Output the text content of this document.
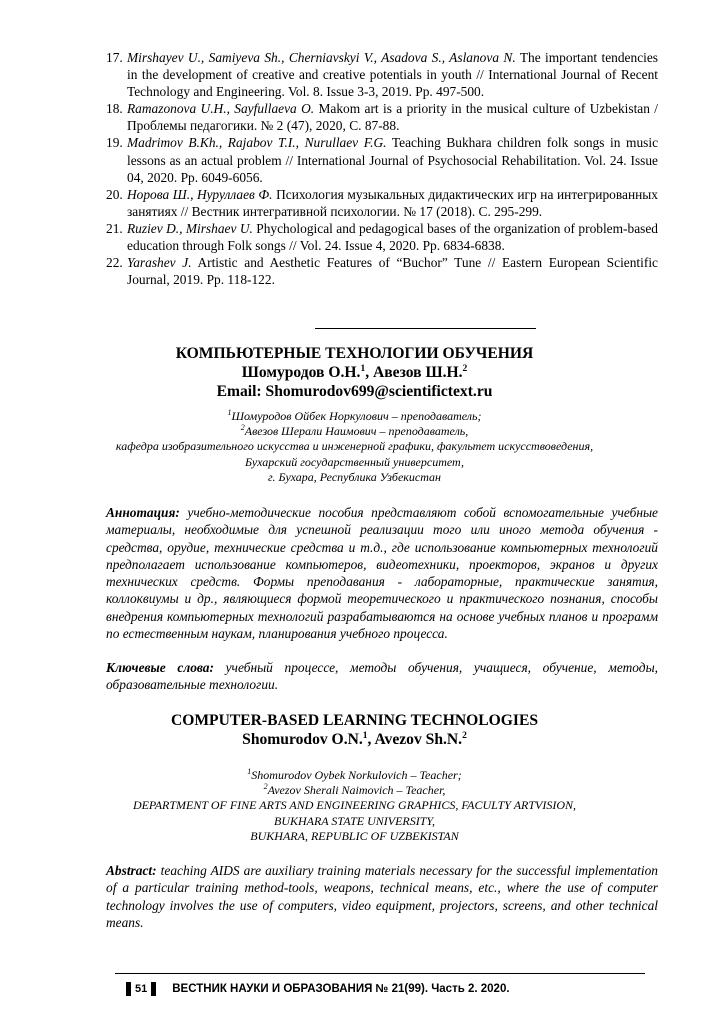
17. Mirshayev U., Samiyeva Sh., Cherniavskyi V., Asadova S., Aslanova N. The important tendencies in the development of creative and creative potentials in youth // International Journal of Recent Technology and Engineering. Vol. 8. Issue 3-3, 2019. Pp. 497-500.
18. Ramazonova U.H., Sayfullaeva O. Makom art is a priority in the musical culture of Uzbekistan / Проблемы педагогики. № 2 (47), 2020, С. 87-88.
19. Madrimov B.Kh., Rajabov T.I., Nurullaev F.G. Teaching Bukhara children folk songs in music lessons as an actual problem // International Journal of Psychosocial Rehabilitation. Vol. 24. Issue 04, 2020. Pp. 6049-6056.
20. Норова Ш., Нуруллаев Ф. Психология музыкальных дидактических игр на интегрированных занятиях // Вестник интегративной психологии. № 17 (2018). С. 295-299.
21. Ruziev D., Mirshaev U. Phychological and pedagogical bases of the organization of problem-based education through Folk songs // Vol. 24. Issue 4, 2020. Pp. 6834-6838.
22. Yarashev J. Artistic and Aesthetic Features of “Buchor” Tune // Eastern European Scientific Journal, 2019. Pp. 118-122.
КОМПЬЮТЕРНЫЕ ТЕХНОЛОГИИ ОБУЧЕНИЯ
Шомуродов О.Н.$^1$, Авезов Ш.Н.$^2$
Email: Shomurodov699@scientifictext.ru
$^1$Шомуродов Ойбек Норкулович – преподаватель;
$^2$Авезов Шерали Наимович – преподаватель,
кафедра изобразительного искусства и инженерной графики, факультет искусствоведения,
Бухарский государственный университет,
г. Бухара, Республика Узбекистан
Аннотация: учебно-методические пособия представляют собой вспомогательные учебные материалы, необходимые для успешной реализации того или иного метода обучения - средства, орудие, технические средства и т.д., где использование компьютерных технологий предполагает использование компьютеров, видеотехники, проекторов, экранов и других технических средств. Формы преподавания - лабораторные, практические занятия, коллоквиумы и др., являющиеся формой теоретического и практического познания, способы внедрения компьютерных технологий разрабатываются на основе учебных планов и программ по естественным наукам, планирования учебного процесса.
Ключевые слова: учебный процессе, методы обучения, учащиеся, обучение, методы, образовательные технологии.
COMPUTER-BASED LEARNING TECHNOLOGIES
Shomurodov O.N.$^1$, Avezov Sh.N.$^2$
$^1$Shomurodov Oybek Norkulovich – Teacher;
$^2$Avezov Sherali Naimovich – Teacher,
DEPARTMENT OF FINE ARTS AND ENGINEERING GRAPHICS, FACULTY ARTVISION,
BUKHARA STATE UNIVERSITY,
BUKHARA, REPUBLIC OF UZBEKISTAN
Abstract: teaching AIDS are auxiliary training materials necessary for the successful implementation of a particular training method-tools, weapons, technical means, etc., where the use of computer technology involves the use of computers, video equipment, projectors, screens, and other technical means.
51 ВЕСТНИК НАУКИ И ОБРАЗОВАНИЯ № 21(99). Часть 2. 2020.
